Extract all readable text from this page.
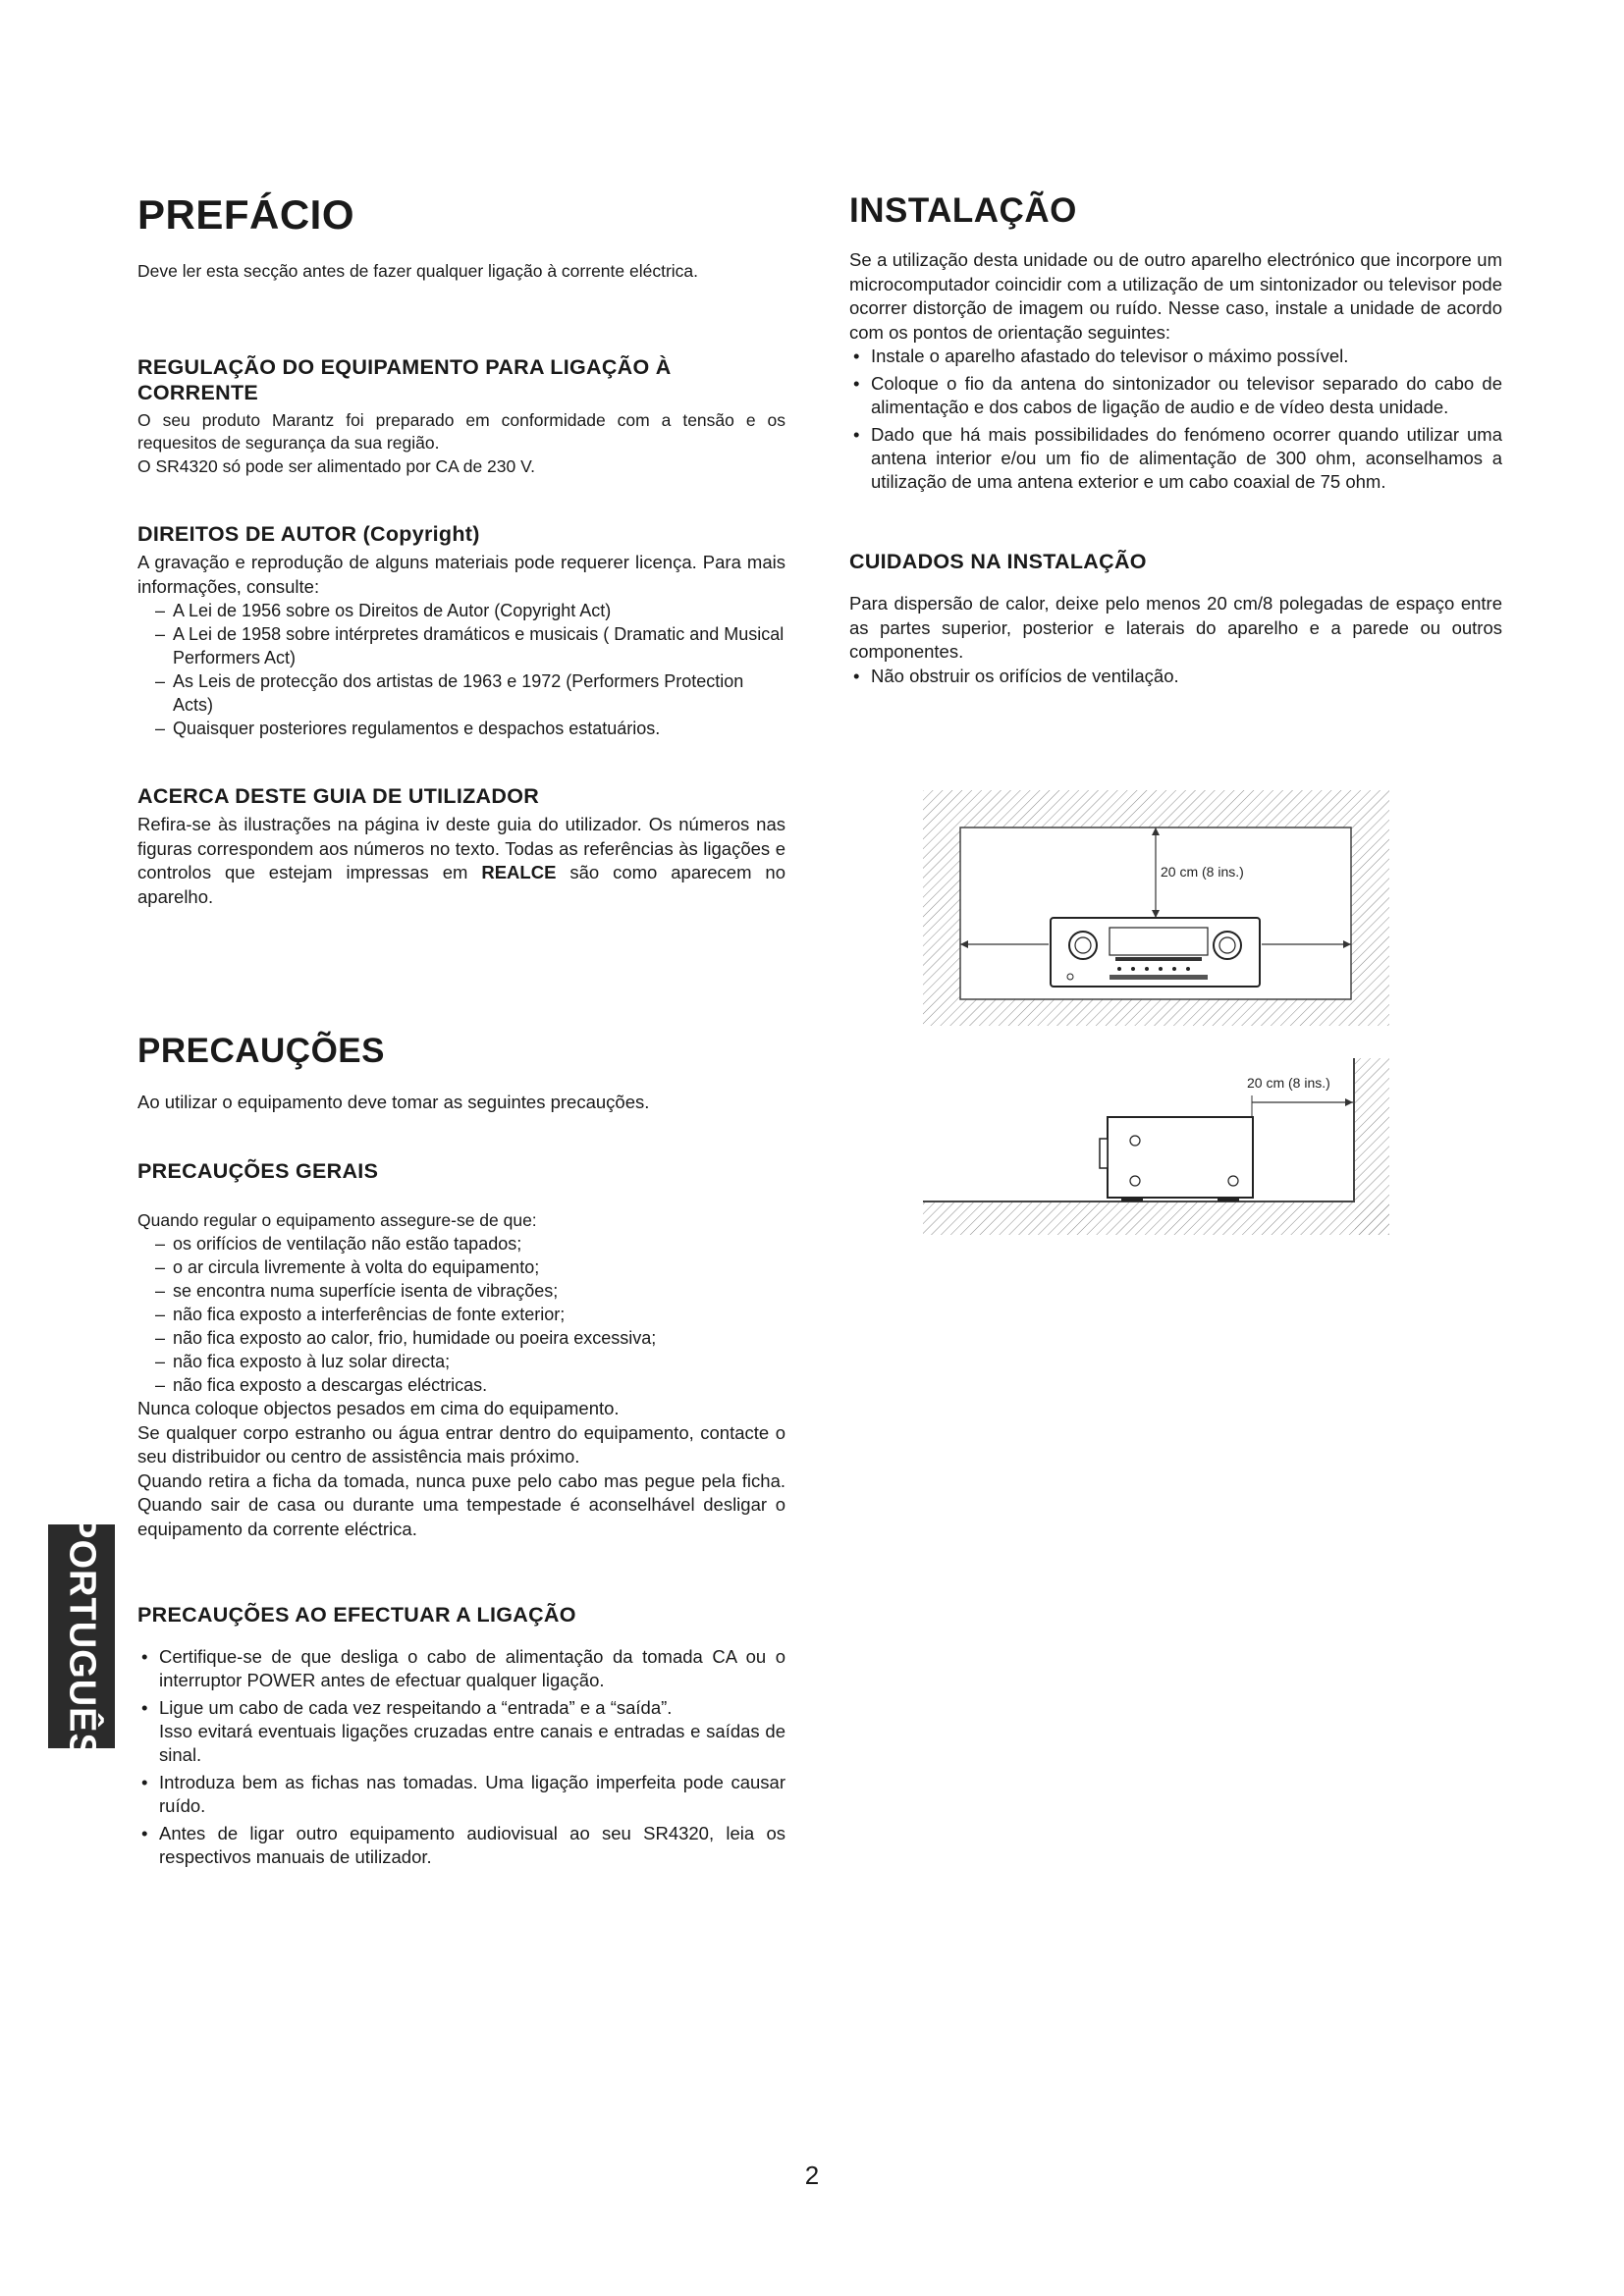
PREFÁCIO

Deve ler esta secção antes de fazer qualquer ligação à corrente eléctrica.

REGULAÇÃO DO EQUIPAMENTO PARA LIGAÇÃO À CORRENTE

O seu produto Marantz foi preparado em conformidade com a tensão e os requesitos de segurança da sua região.

O SR4320 só pode ser alimentado por CA de 230 V.

DIREITOS DE AUTOR (Copyright)

A gravação e reprodução de alguns materiais pode requerer licença. Para mais informações, consulte:

– A Lei de 1956 sobre os Direitos de Autor (Copyright Act)
– A Lei de 1958 sobre intérpretes dramáticos e musicais ( Dramatic and Musical Performers Act)
– As Leis de protecção dos artistas de 1963 e 1972 (Performers Protection Acts)
– Quaisquer posteriores regulamentos e despachos estatuários.
ACERCA DESTE GUIA DE UTILIZADOR

Refira-se às ilustrações na página iv deste guia do utilizador. Os números nas figuras correspondem aos números no texto. Todas as referências às ligações e controlos que estejam impressas em REALCE são como aparecem no aparelho.

PRECAUÇÕES

Ao utilizar o equipamento deve tomar as seguintes precauções.

PRECAUÇÕES GERAIS

Quando regular o equipamento assegure-se de que:

– os orifícios de ventilação não estão tapados;
– o ar circula livremente à volta do equipamento;
– se encontra numa superfície isenta de vibrações;
– não fica exposto a interferências de fonte exterior;
– não fica exposto ao calor, frio, humidade ou poeira excessiva;
– não fica exposto à luz solar directa;
– não fica exposto a descargas eléctricas.

Nunca coloque objectos pesados em cima do equipamento.

Se qualquer corpo estranho ou água entrar dentro do equipamento, contacte o seu distribuidor ou centro de assistência mais próximo.

Quando retira a ficha da tomada, nunca puxe pelo cabo mas pegue pela ficha. Quando sair de casa ou durante uma tempestade é aconselhável desligar o equipamento da corrente eléctrica.

PRECAUÇÕES AO EFECTUAR A LIGAÇÃO
• Certifique-se de que desliga o cabo de alimentação da tomada CA ou o interruptor POWER antes de efectuar qualquer ligação.
• Ligue um cabo de cada vez respeitando a “entrada” e a “saída”.
Isso evitará eventuais ligações cruzadas entre canais e entradas e saídas de sinal.
• Introduza bem as fichas nas tomadas. Uma ligação imperfeita pode causar ruído.
• Antes de ligar outro equipamento audiovisual ao seu SR4320, leia os respectivos manuais de utilizador.
INSTALAÇÃO

Se a utilização desta unidade ou de outro aparelho electrónico que incorpore um microcomputador coincidir com a utilização de um sintonizador ou televisor pode ocorrer distorção de imagem ou ruído. Nesse caso, instale a unidade de acordo com os pontos de orientação seguintes:

• Instale o aparelho afastado do televisor o máximo possível.
• Coloque o fio da antena do sintonizador ou televisor separado do cabo de alimentação e dos cabos de ligação de audio e de vídeo desta unidade.
• Dado que há mais possibilidades do fenómeno ocorrer quando utilizar uma antena interior e/ou um fio de alimentação de 300 ohm, aconselhamos a utilização de uma antena exterior e um cabo coaxial de 75 ohm.
CUIDADOS NA INSTALAÇÃO

Para dispersão de calor, deixe pelo menos 20 cm/8 polegadas de espaço entre as partes superior, posterior e laterais do aparelho e a parede ou outros componentes.

• Não obstruir os orifícios de ventilação.
20 cm (8 ins.)
20 cm (8 ins.)
PORTUGUÊS
2
